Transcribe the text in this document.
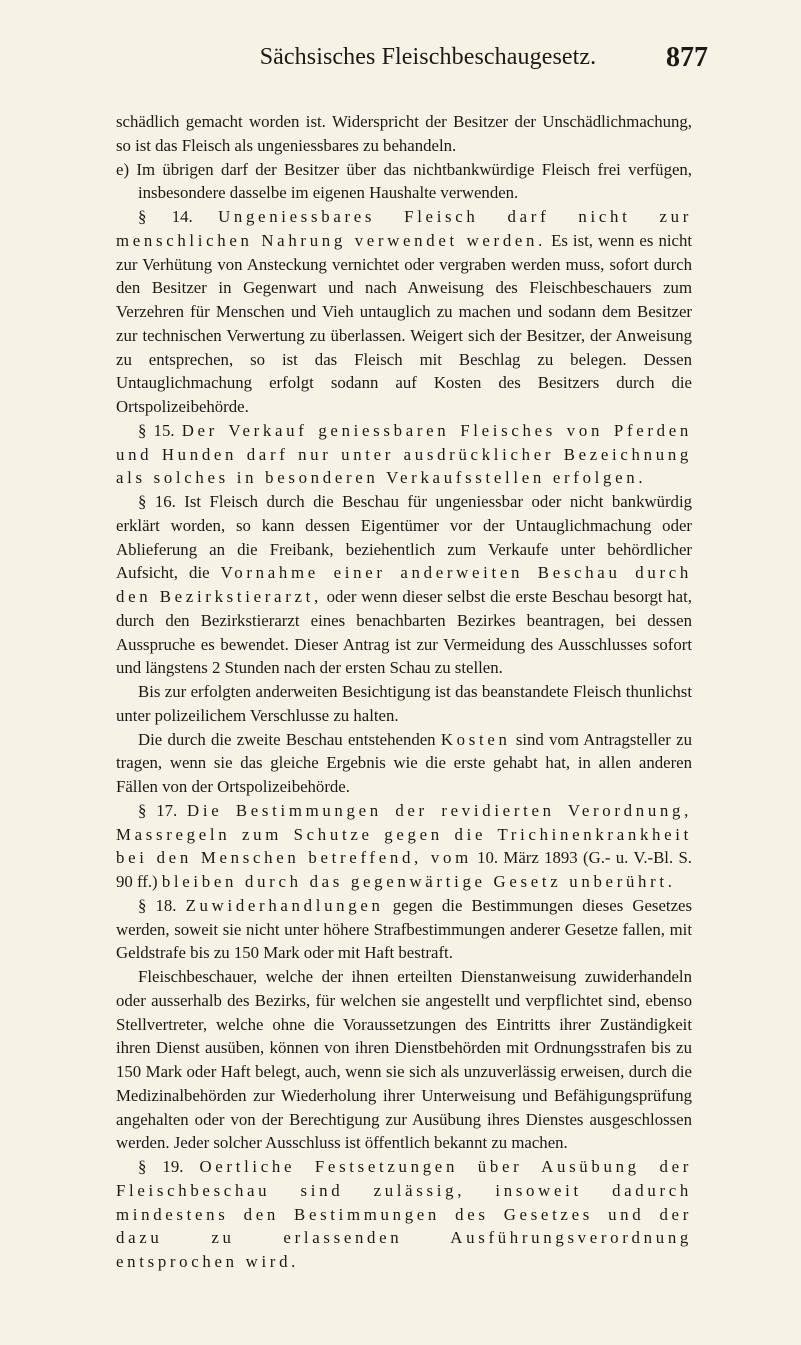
Sächsisches Fleischbeschaugesetz.	877

schädlich gemacht worden ist. Widerspricht der Besitzer der Unschädlichmachung, so ist das Fleisch als ungeniessbares zu behandeln.

e) Im übrigen darf der Besitzer über das nichtbankwürdige Fleisch frei verfügen, insbesondere dasselbe im eigenen Haushalte verwenden.

§ 14. Ungeniessbares Fleisch darf nicht zur menschlichen Nahrung verwendet werden. Es ist, wenn es nicht zur Verhütung von Ansteckung vernichtet oder vergraben werden muss, sofort durch den Besitzer in Gegenwart und nach Anweisung des Fleischbeschauers zum Verzehren für Menschen und Vieh untauglich zu machen und sodann dem Besitzer zur technischen Verwertung zu überlassen. Weigert sich der Besitzer, der Anweisung zu entsprechen, so ist das Fleisch mit Beschlag zu belegen. Dessen Untauglichmachung erfolgt sodann auf Kosten des Besitzers durch die Ortspolizeibehörde.

§ 15. Der Verkauf geniessbaren Fleisches von Pferden und Hunden darf nur unter ausdrücklicher Bezeichnung als solches in besonderen Verkaufsstellen erfolgen.

§ 16. Ist Fleisch durch die Beschau für ungeniessbar oder nicht bankwürdig erklärt worden, so kann dessen Eigentümer vor der Untauglichmachung oder Ablieferung an die Freibank, beziehentlich zum Verkaufe unter behördlicher Aufsicht, die Vornahme einer anderweiten Beschau durch den Bezirkstierarzt, oder wenn dieser selbst die erste Beschau besorgt hat, durch den Bezirkstierarzt eines benachbarten Bezirkes beantragen, bei dessen Ausspruche es bewendet. Dieser Antrag ist zur Vermeidung des Ausschlusses sofort und längstens 2 Stunden nach der ersten Schau zu stellen.

Bis zur erfolgten anderweiten Besichtigung ist das beanstandete Fleisch thunlichst unter polizeilichem Verschlusse zu halten.

Die durch die zweite Beschau entstehenden Kosten sind vom Antragsteller zu tragen, wenn sie das gleiche Ergebnis wie die erste gehabt hat, in allen anderen Fällen von der Ortspolizeibehörde.

§ 17. Die Bestimmungen der revidierten Verordnung, Massregeln zum Schutze gegen die Trichinenkrankheit bei den Menschen betreffend, vom 10. März 1893 (G.- u. V.-Bl. S. 90 ff.) bleiben durch das gegenwärtige Gesetz unberührt.

§ 18. Zuwiderhandlungen gegen die Bestimmungen dieses Gesetzes werden, soweit sie nicht unter höhere Strafbestimmungen anderer Gesetze fallen, mit Geldstrafe bis zu 150 Mark oder mit Haft bestraft.

Fleischbeschauer, welche der ihnen erteilten Dienstanweisung zuwiderhandeln oder ausserhalb des Bezirks, für welchen sie angestellt und verpflichtet sind, ebenso Stellvertreter, welche ohne die Voraussetzungen des Eintritts ihrer Zuständigkeit ihren Dienst ausüben, können von ihren Dienstbehörden mit Ordnungsstrafen bis zu 150 Mark oder Haft belegt, auch, wenn sie sich als unzuverlässig erweisen, durch die Medizinalbehörden zur Wiederholung ihrer Unterweisung und Befähigungsprüfung angehalten oder von der Berechtigung zur Ausübung ihres Dienstes ausgeschlossen werden. Jeder solcher Ausschluss ist öffentlich bekannt zu machen.

§ 19. Oertliche Festsetzungen über Ausübung der Fleischbeschau sind zulässig, insoweit dadurch mindestens den Bestimmungen des Gesetzes und der dazu zu erlassenden Ausführungsverordnung entsprochen wird.
